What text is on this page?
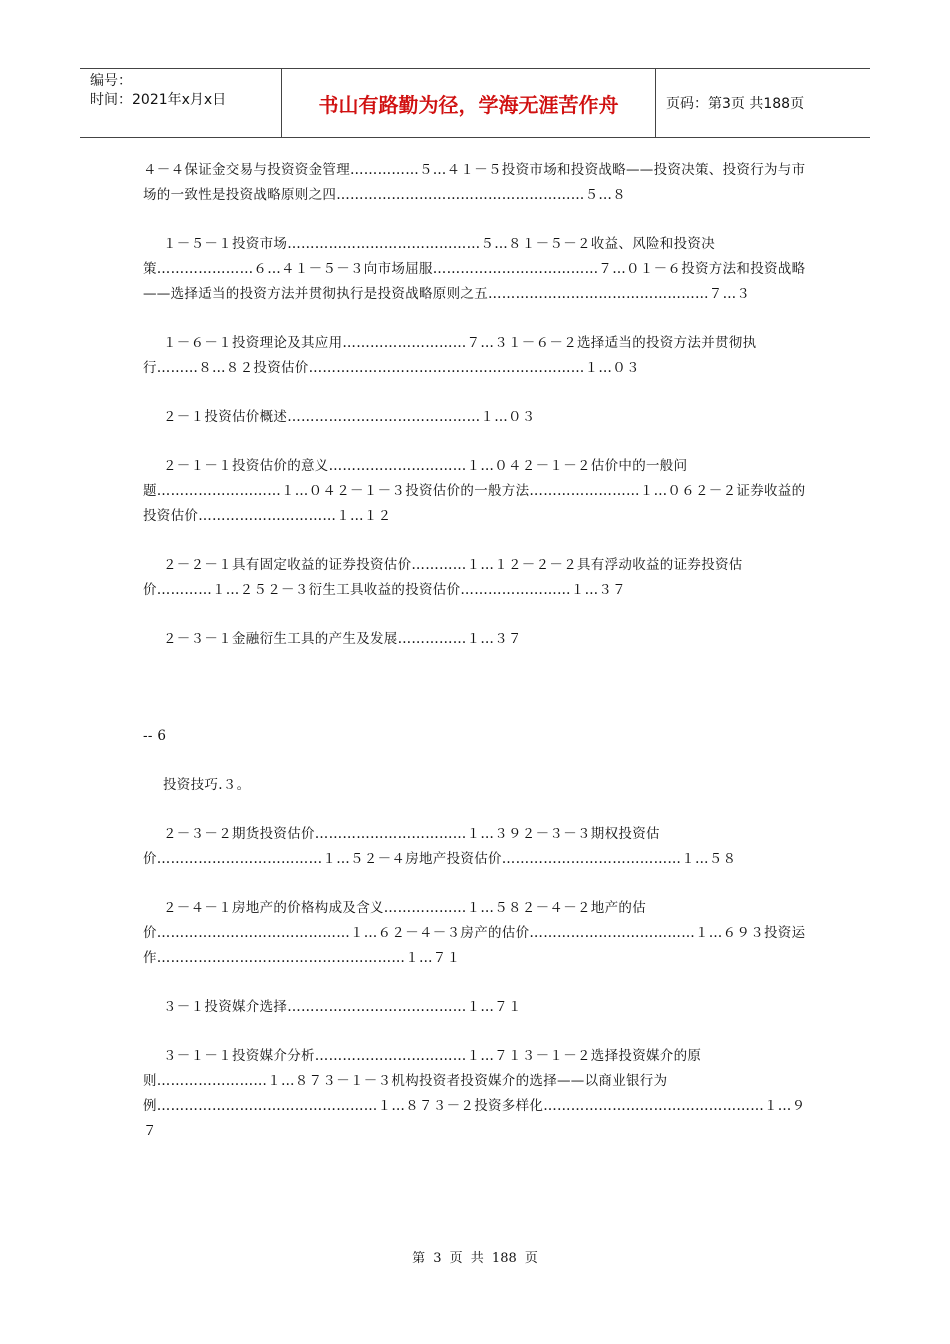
编号：
时间：2021年x月x日	书山有路勤为径，学海无涯苦作舟	页码：第3页 共188页

４－４保证金交易与投资资金管理……………５…４１－５投资市场和投资战略——投资决策、投资行为与市场的一致性是投资战略原则之四………………………………………………５…８

１－５－１投资市场……………………………………５…８１－５－２收益、风险和投资决策…………………６…４１－５－３向市场屈服………………………………７…０１－６投资方法和投资战略——选择适当的投资方法并贯彻执行是投资战略原则之五…………………………………………７…３

１－６－１投资理论及其应用………………………７…３１－６－２选择适当的投资方法并贯彻执行………８…８２投资估价……………………………………………………１…０３

２－１投资估价概述……………………………………１…０３

２－１－１投资估价的意义…………………………１…０４２－１－２估价中的一般问题………………………１…０４２－１－３投资估价的一般方法……………………１…０６２－２证券收益的投资估价…………………………１…１２

２－２－１具有固定收益的证券投资估价…………１…１２－２－２具有浮动收益的证券投资估价…………１…２５２－３衍生工具收益的投资估价……………………１…３７

２－３－１金融衍生工具的产生及发展……………１…３７

-- 6

投资技巧.３。

２－３－２期货投资估价……………………………１…３９２－３－３期权投资估价………………………………１…５２－４房地产投资估价…………………………………１…５８

２－４－１房地产的价格构成及含义………………１…５８２－４－２地产的估价……………………………………１…６２－４－３房产的估价………………………………１…６９３投资运作………………………………………………１…７１

３－１投资媒介选择…………………………………１…７１

３－１－１投资媒介分析……………………………１…７１３－１－２选择投资媒介的原则……………………１…８７３－１－３机构投资者投资媒介的选择——以商业银行为例…………………………………………１…８７３－２投资多样化…………………………………………１…９７

第 3 页 共 188 页
